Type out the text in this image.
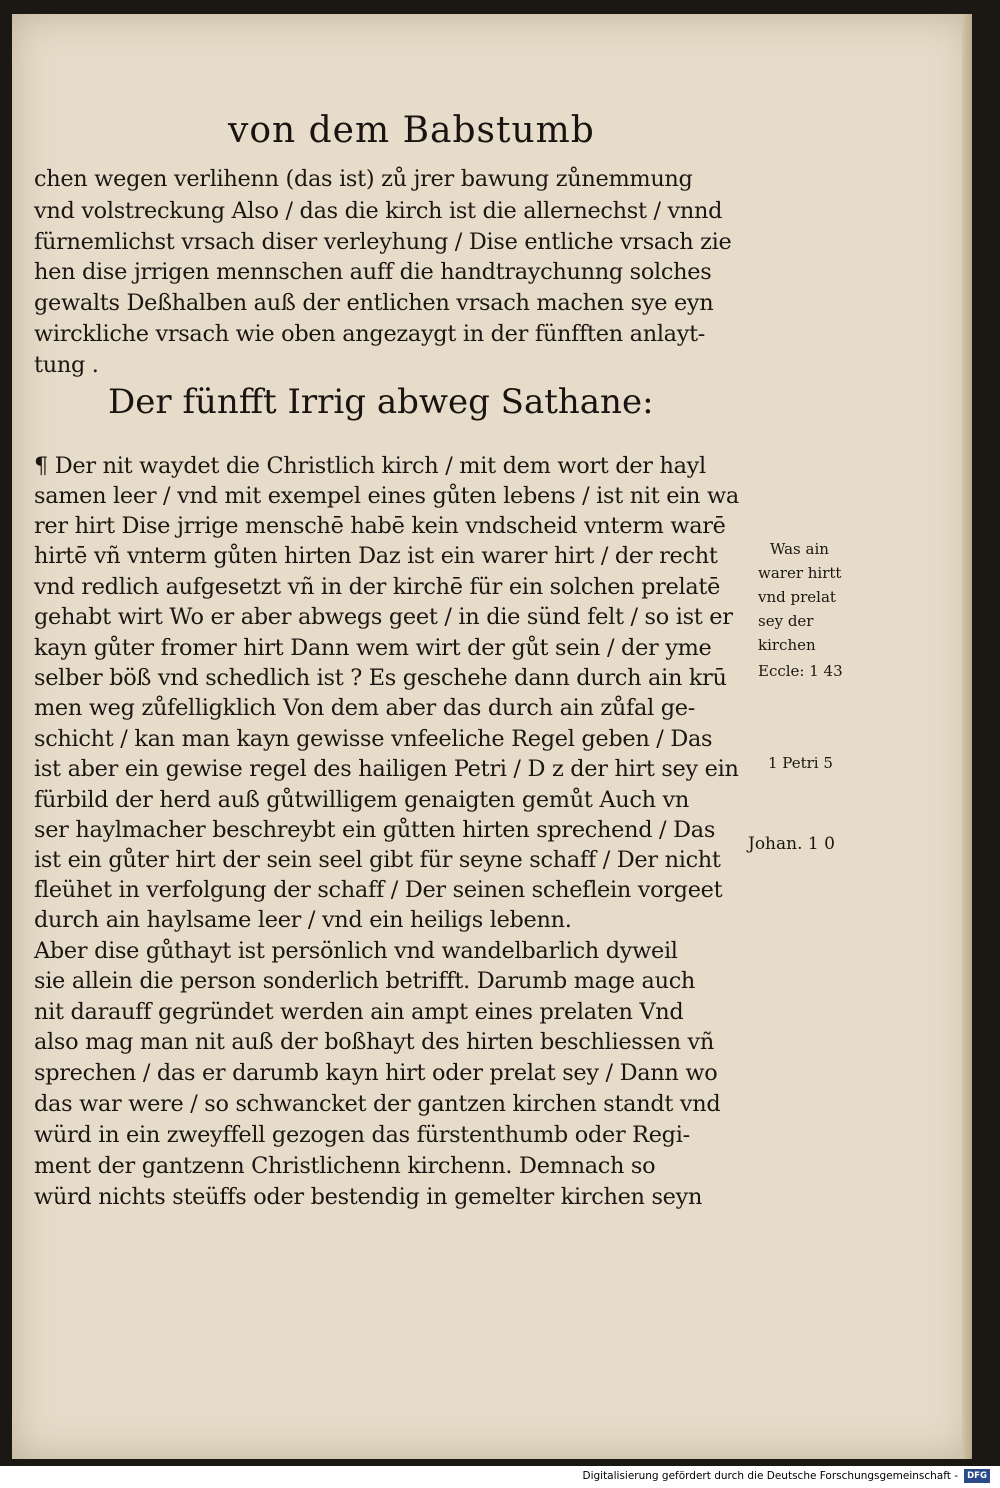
von dem Babstumb
chen wegen verlihenn (das ist) zů jrer bawung zůnemmung
vnd volstreckung Also / das die kirch ist die allernechst / vnnd
fürnemlichst vrsach diser verleyhung / Dise entliche vrsach zie
hen dise jrrigen mennschen auff die handtraychunng solches
gewalts Deßhalben auß der entlichen vrsach machen sye eyn
wirckliche vrsach wie oben angezaygt in der fünfften anlayt-
tung .
Der fünfft Irrig abweg Sathane:
¶ Der nit waydet die Christlich kirch / mit dem wort der hayl
samen leer / vnd mit exempel eines gůten lebens / ist nit ein wa
rer hirt Dise jrrige menschē habē kein vndscheid vnterm warē
hirtē vñ vnterm gůten hirten Daz ist ein warer hirt / der recht
vnd redlich aufgesetzt vñ in der kirchē für ein solchen prelatē
gehabt wirt Wo er aber abwegs geet / in die sünd felt / so ist er
kayn gůter fromer hirt Dann wem wirt der gůt sein / der yme
selber böß vnd schedlich ist ? Es geschehe dann durch ain krū
men weg zůfelligklich Von dem aber das durch ain zůfal ge-
schicht / kan man kayn gewisse vnfeeliche Regel geben / Das
ist aber ein gewise regel des hailigen Petri / D z der hirt sey ein
fürbild der herd auß gůtwilligem genaigten gemůt Auch vn
ser haylmacher beschreybt ein gůtten hirten sprechend / Das
ist ein gůter hirt der sein seel gibt für seyne schaff / Der nicht
fleühet in verfolgung der schaff / Der seinen scheflein vorgeet
durch ain haylsame leer / vnd ein heiligs lebenn.
Aber dise gůthayt ist persönlich vnd wandelbarlich dyweil
sie allein die person sonderlich betrifft. Darumb mage auch
nit darauff gegründet werden ain ampt eines prelaten Vnd
also mag man nit auß der boßhayt des hirten beschliessen vñ
sprechen / das er darumb kayn hirt oder prelat sey / Dann wo
das war were / so schwancket der gantzen kirchen standt vnd
würd in ein zweyffell gezogen das fürstenthumb oder Regi-
ment der gantzenn Christlichenn kirchenn. Demnach so
würd nichts steüffs oder bestendig in gemelter kirchen seyn
Was ain
warer hirtt
vnd prelat
sey der
kirchen
Eccle: 1 43
1 Petri 5
Johan. 1 0
Digitalisierung gefördert durch die Deutsche Forschungsgemeinschaft -	DFG
